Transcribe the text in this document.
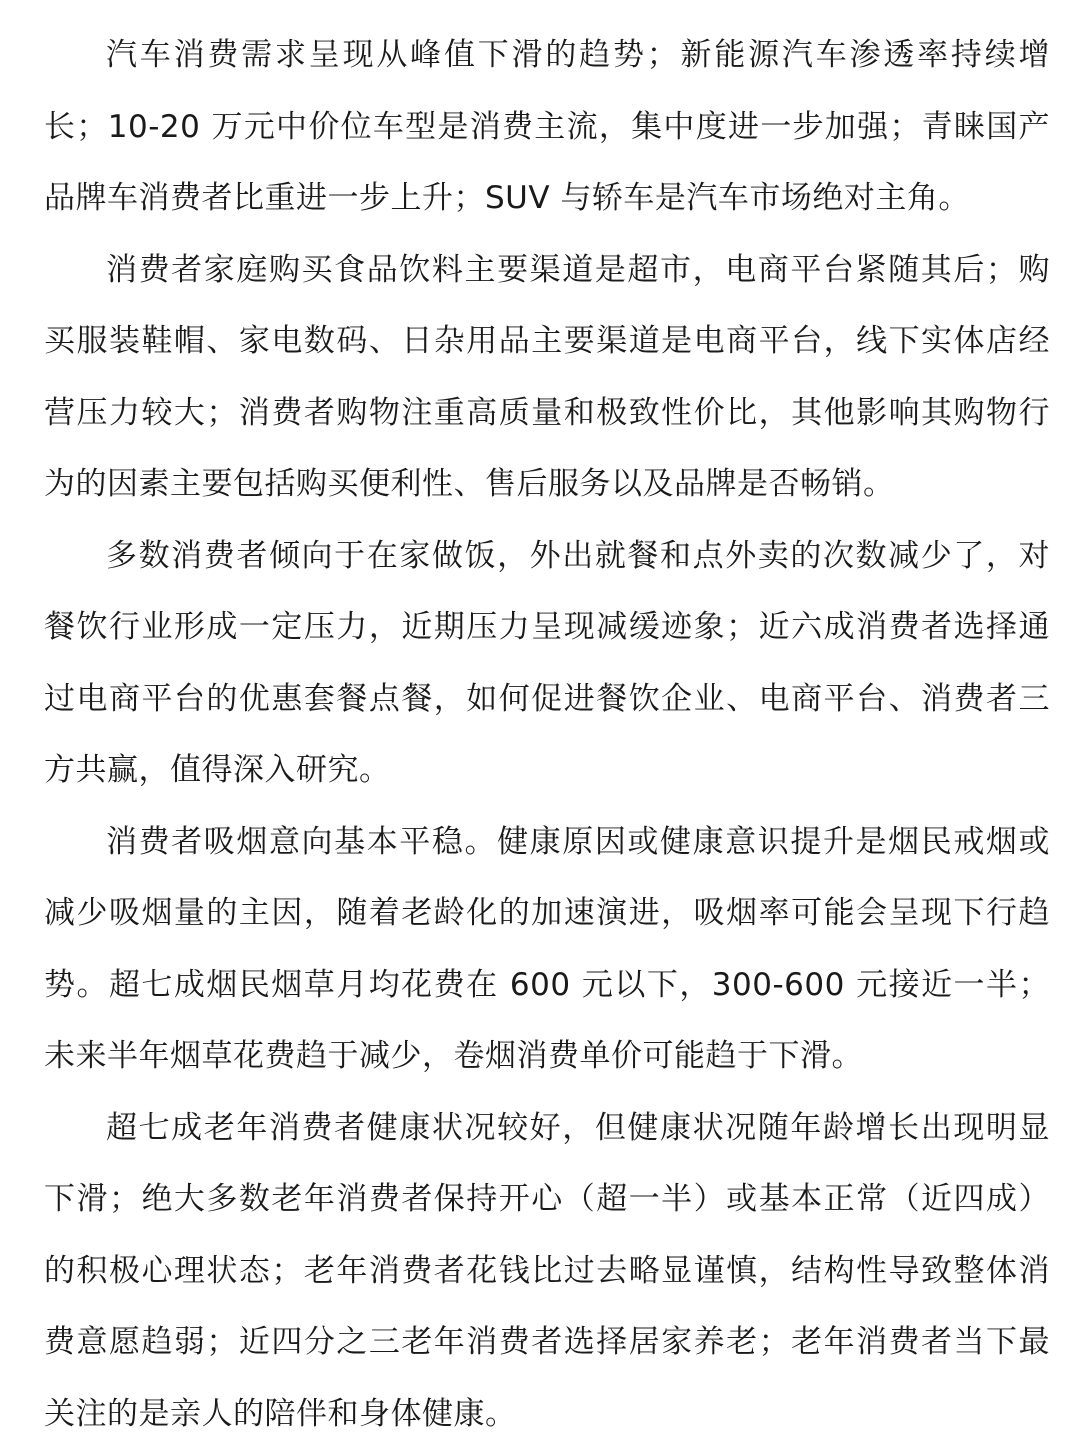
汽车消费需求呈现从峰值下滑的趋势；新能源汽车渗透率持续增长；10-20 万元中价位车型是消费主流，集中度进一步加强；青睐国产品牌车消费者比重进一步上升；SUV 与轿车是汽车市场绝对主角。

消费者家庭购买食品饮料主要渠道是超市，电商平台紧随其后；购买服装鞋帽、家电数码、日杂用品主要渠道是电商平台，线下实体店经营压力较大；消费者购物注重高质量和极致性价比，其他影响其购物行为的因素主要包括购买便利性、售后服务以及品牌是否畅销。

多数消费者倾向于在家做饭，外出就餐和点外卖的次数减少了，对餐饮行业形成一定压力，近期压力呈现减缓迹象；近六成消费者选择通过电商平台的优惠套餐点餐，如何促进餐饮企业、电商平台、消费者三方共赢，值得深入研究。

消费者吸烟意向基本平稳。健康原因或健康意识提升是烟民戒烟或减少吸烟量的主因，随着老龄化的加速演进，吸烟率可能会呈现下行趋势。超七成烟民烟草月均花费在 600 元以下，300-600 元接近一半；未来半年烟草花费趋于减少，卷烟消费单价可能趋于下滑。

超七成老年消费者健康状况较好，但健康状况随年龄增长出现明显下滑；绝大多数老年消费者保持开心（超一半）或基本正常（近四成）的积极心理状态；老年消费者花钱比过去略显谨慎，结构性导致整体消费意愿趋弱；近四分之三老年消费者选择居家养老；老年消费者当下最关注的是亲人的陪伴和身体健康。
